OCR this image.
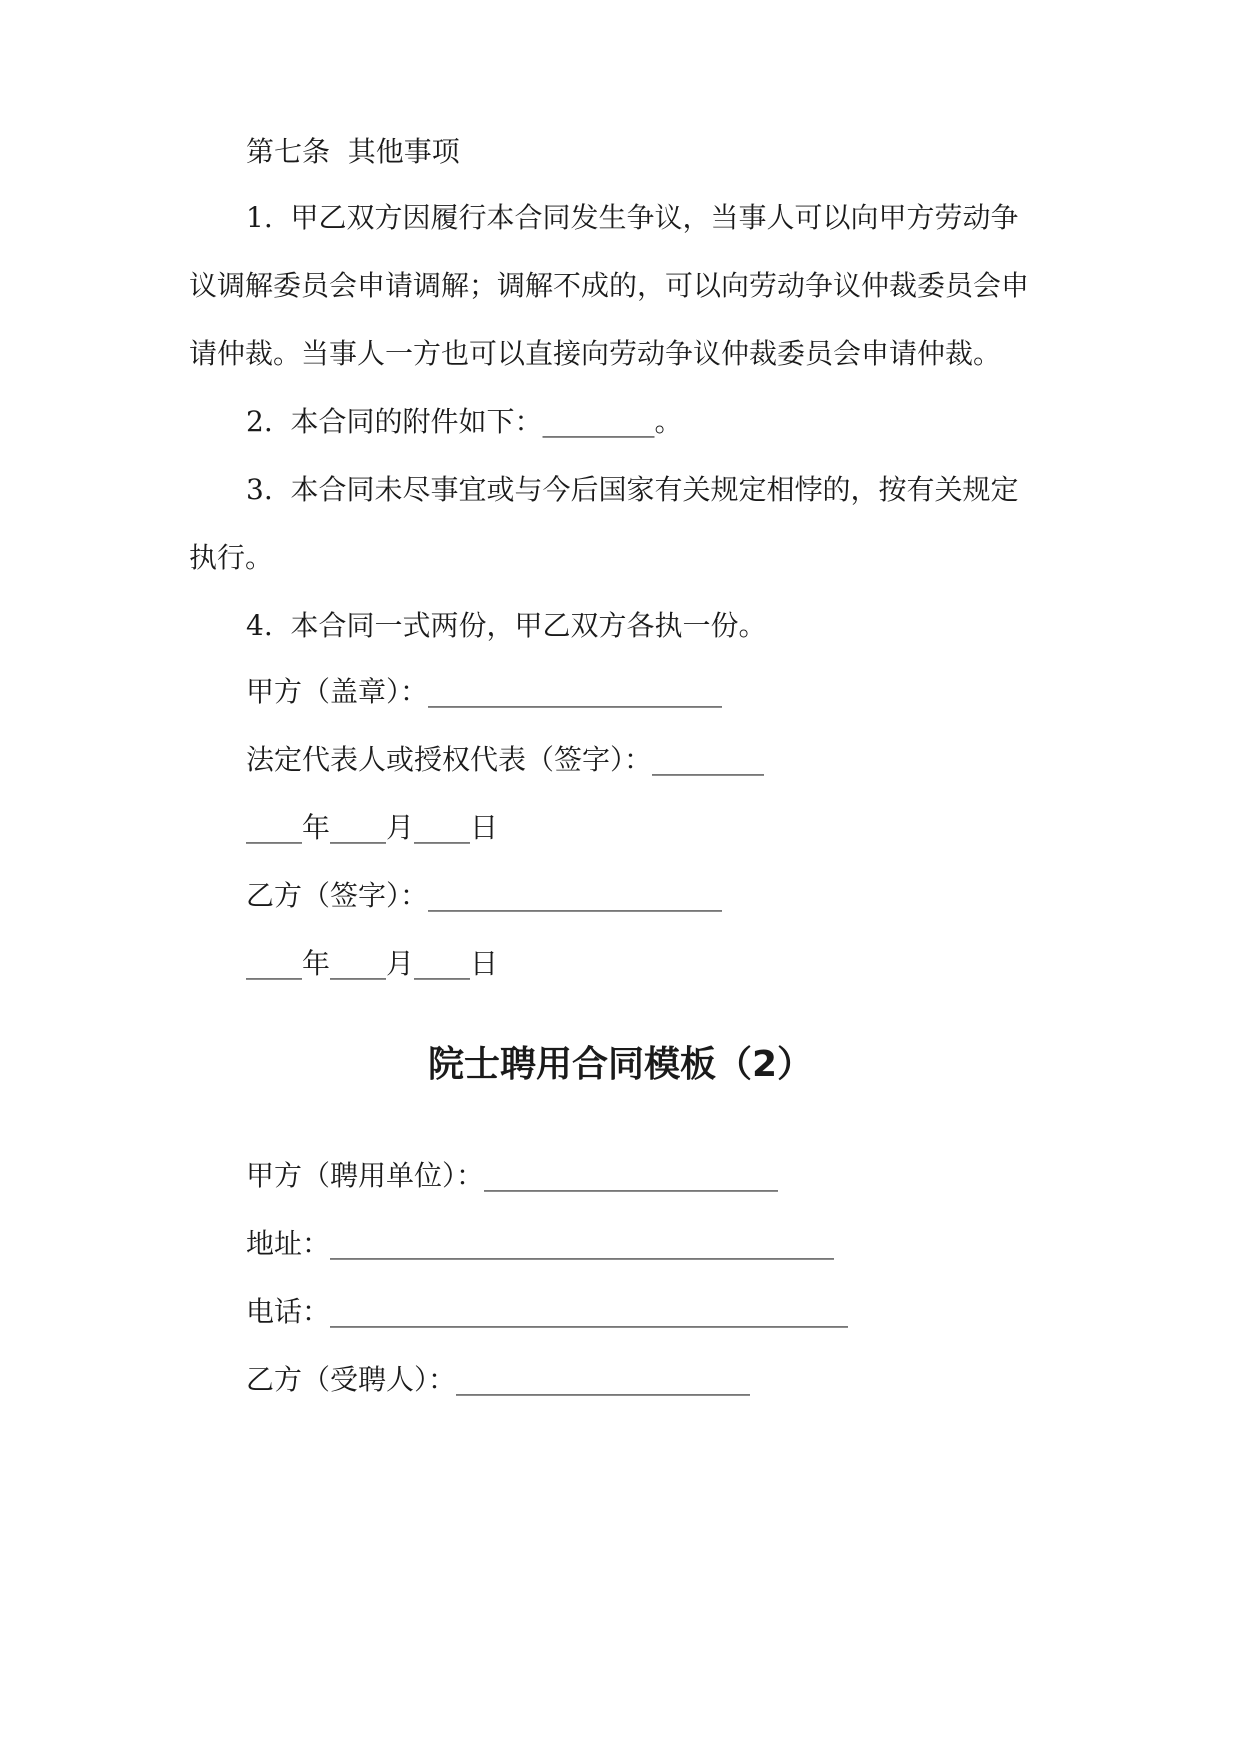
第七条  其他事项
1.  甲乙双方因履行本合同发生争议，当事人可以向甲方劳动争
议调解委员会申请调解；调解不成的，可以向劳动争议仲裁委员会申
请仲裁。当事人一方也可以直接向劳动争议仲裁委员会申请仲裁。
2.  本合同的附件如下：________。
3.  本合同未尽事宜或与今后国家有关规定相悖的，按有关规定
执行。
4.  本合同一式两份，甲乙双方各执一份。
甲方（盖章）：_____________________
法定代表人或授权代表（签字）：________
____年____月____日
乙方（签字）：_____________________
____年____月____日
院士聘用合同模板（2）
甲方（聘用单位）：_____________________
地址：____________________________________
电话：_____________________________________
乙方（受聘人）：_____________________
